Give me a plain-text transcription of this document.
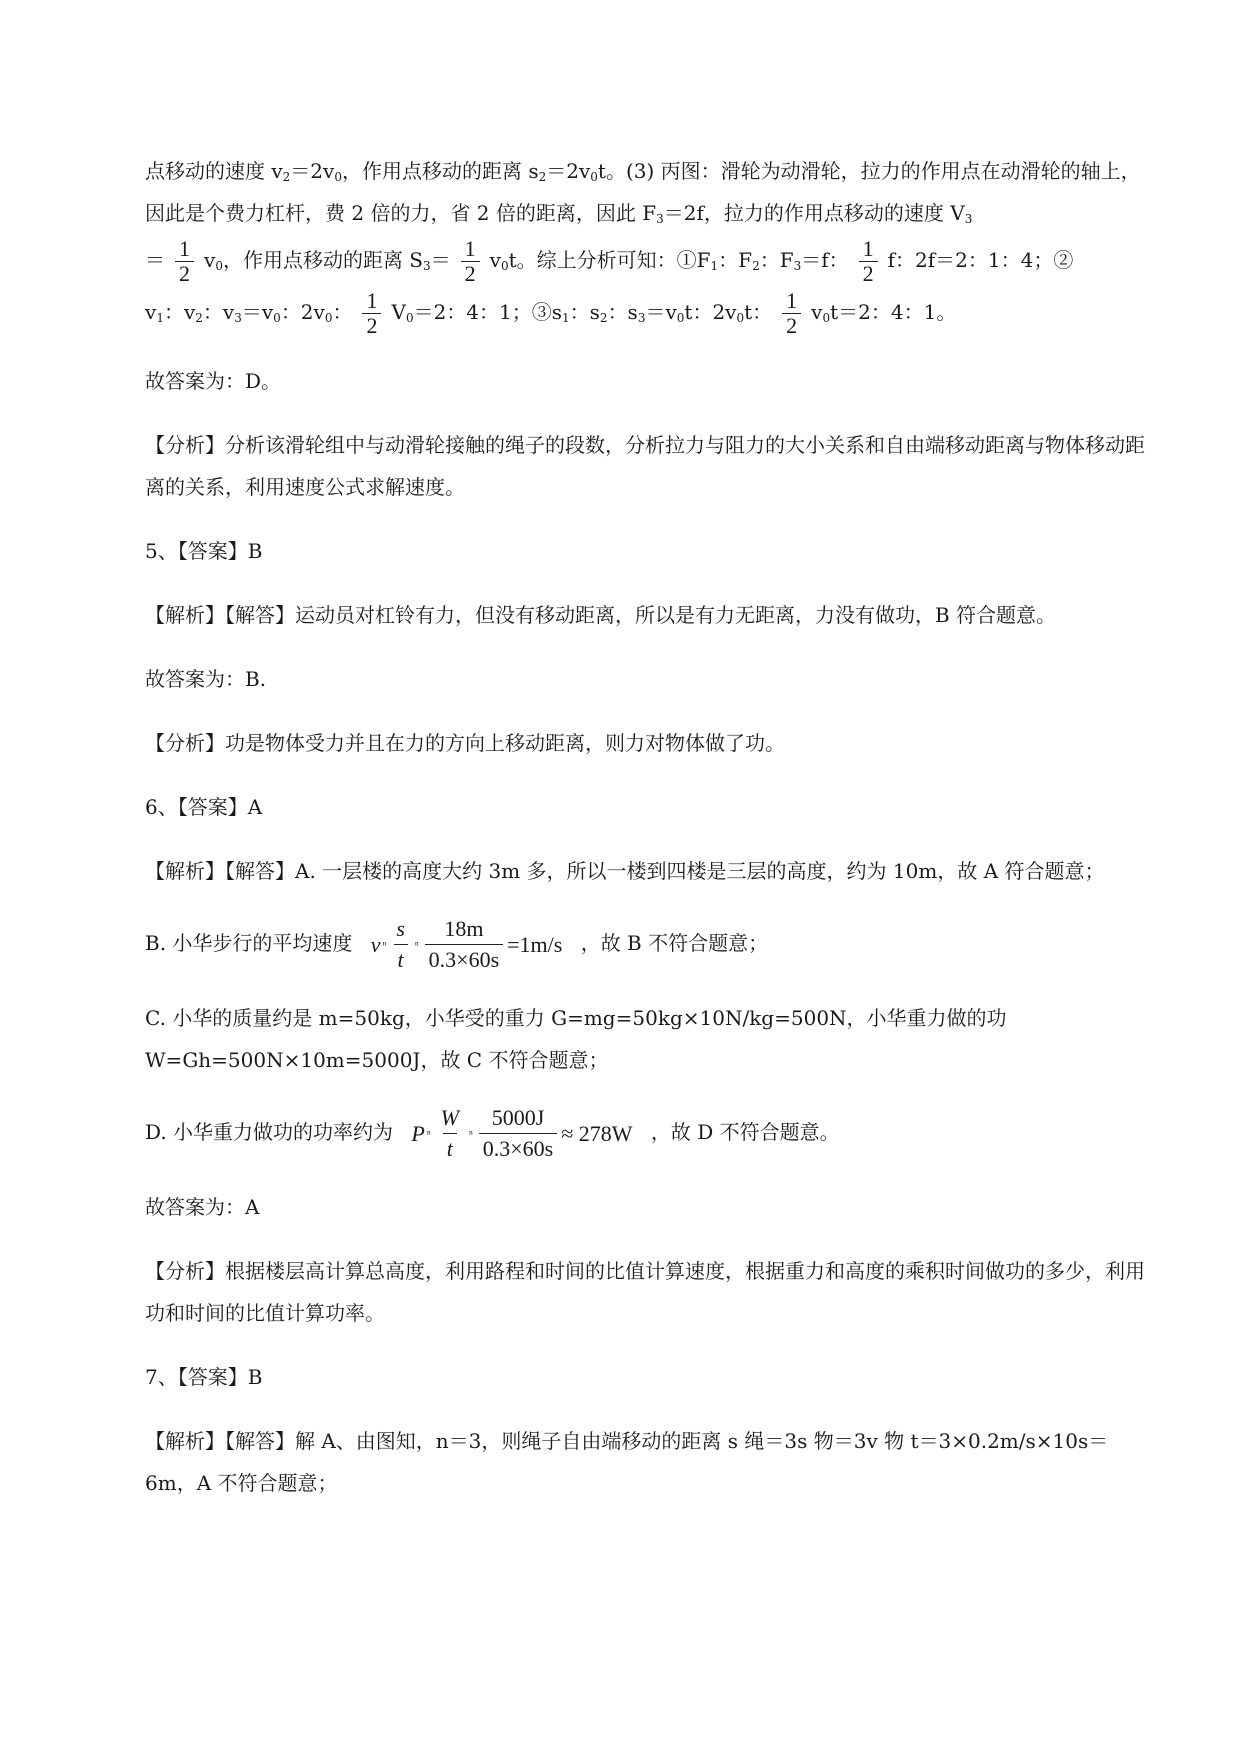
点移动的速度 $v_2=2v_0$，作用点移动的距离 $s_2=2v_0t$。(3) 丙图：滑轮为动滑轮，拉力的作用点在动滑轮的轴上，因此是个费力杠杆，费 2 倍的力，省 2 倍的距离，因此 $F_3=2f$，拉力的作用点移动的速度 $V_3$

＝ $\frac{1}{2} v_0$，作用点移动的距离 $S_3= \frac{1}{2} v_0t$。综上分析可知：$①F_1$：$F_2$：$F_3=f$： $\frac{1}{2}$ f：2f＝2：1：4；②

$v_1$：$v_2$：$v_3=v_0$：$2v_0$： $\frac{1}{2} V_0=2$：4：1；$③s_1$：$s_2$：$s_3=v_0t$：$2v_0t$： $\frac{1}{2} v_0t=2$：4：1。

故答案为：D。

【分析】分析该滑轮组中与动滑轮接触的绳子的段数，分析拉力与阻力的大小关系和自由端移动距离与物体移动距离的关系，利用速度公式求解速度。

5、【答案】B

【解析】【解答】运动员对杠铃有力，但没有移动距离，所以是有力无距离，力没有做功，B 符合题意。

故答案为：B.

【分析】功是物体受力并且在力的方向上移动距离，则力对物体做了功。

6、【答案】A

【解析】【解答】A. 一层楼的高度大约 3m 多，所以一楼到四楼是三层的高度，约为 10m，故 A 符合题意；

B. 小华步行的平均速度 v ⁿ $\frac{s}{t}$ ⁿ $\frac{18m}{0.3\times 60s} =1m/s$ ，故 B 不符合题意；

C. 小华的质量约是 m=50kg，小华受的重力 G=mg=50kg×10N/kg=500N，小华重力做的功 W=Gh=500N×10m=5000J，故 C 不符合题意；

D. 小华重力做功的功率约为 P ⁿ $\frac{W}{t}$ ⁿ $\frac{5000J}{0.3\times 60s} \approx 278W$ ，故 D 不符合题意。

故答案为：A

【分析】根据楼层高计算总高度，利用路程和时间的比值计算速度，根据重力和高度的乘积时间做功的多少，利用功和时间的比值计算功率。

7、【答案】B

【解析】【解答】解 A、由图知，n＝3，则绳子自由端移动的距离 s 绳＝3s 物＝3v 物 t＝3×0.2m/s×10s＝6m，A 不符合题意；
